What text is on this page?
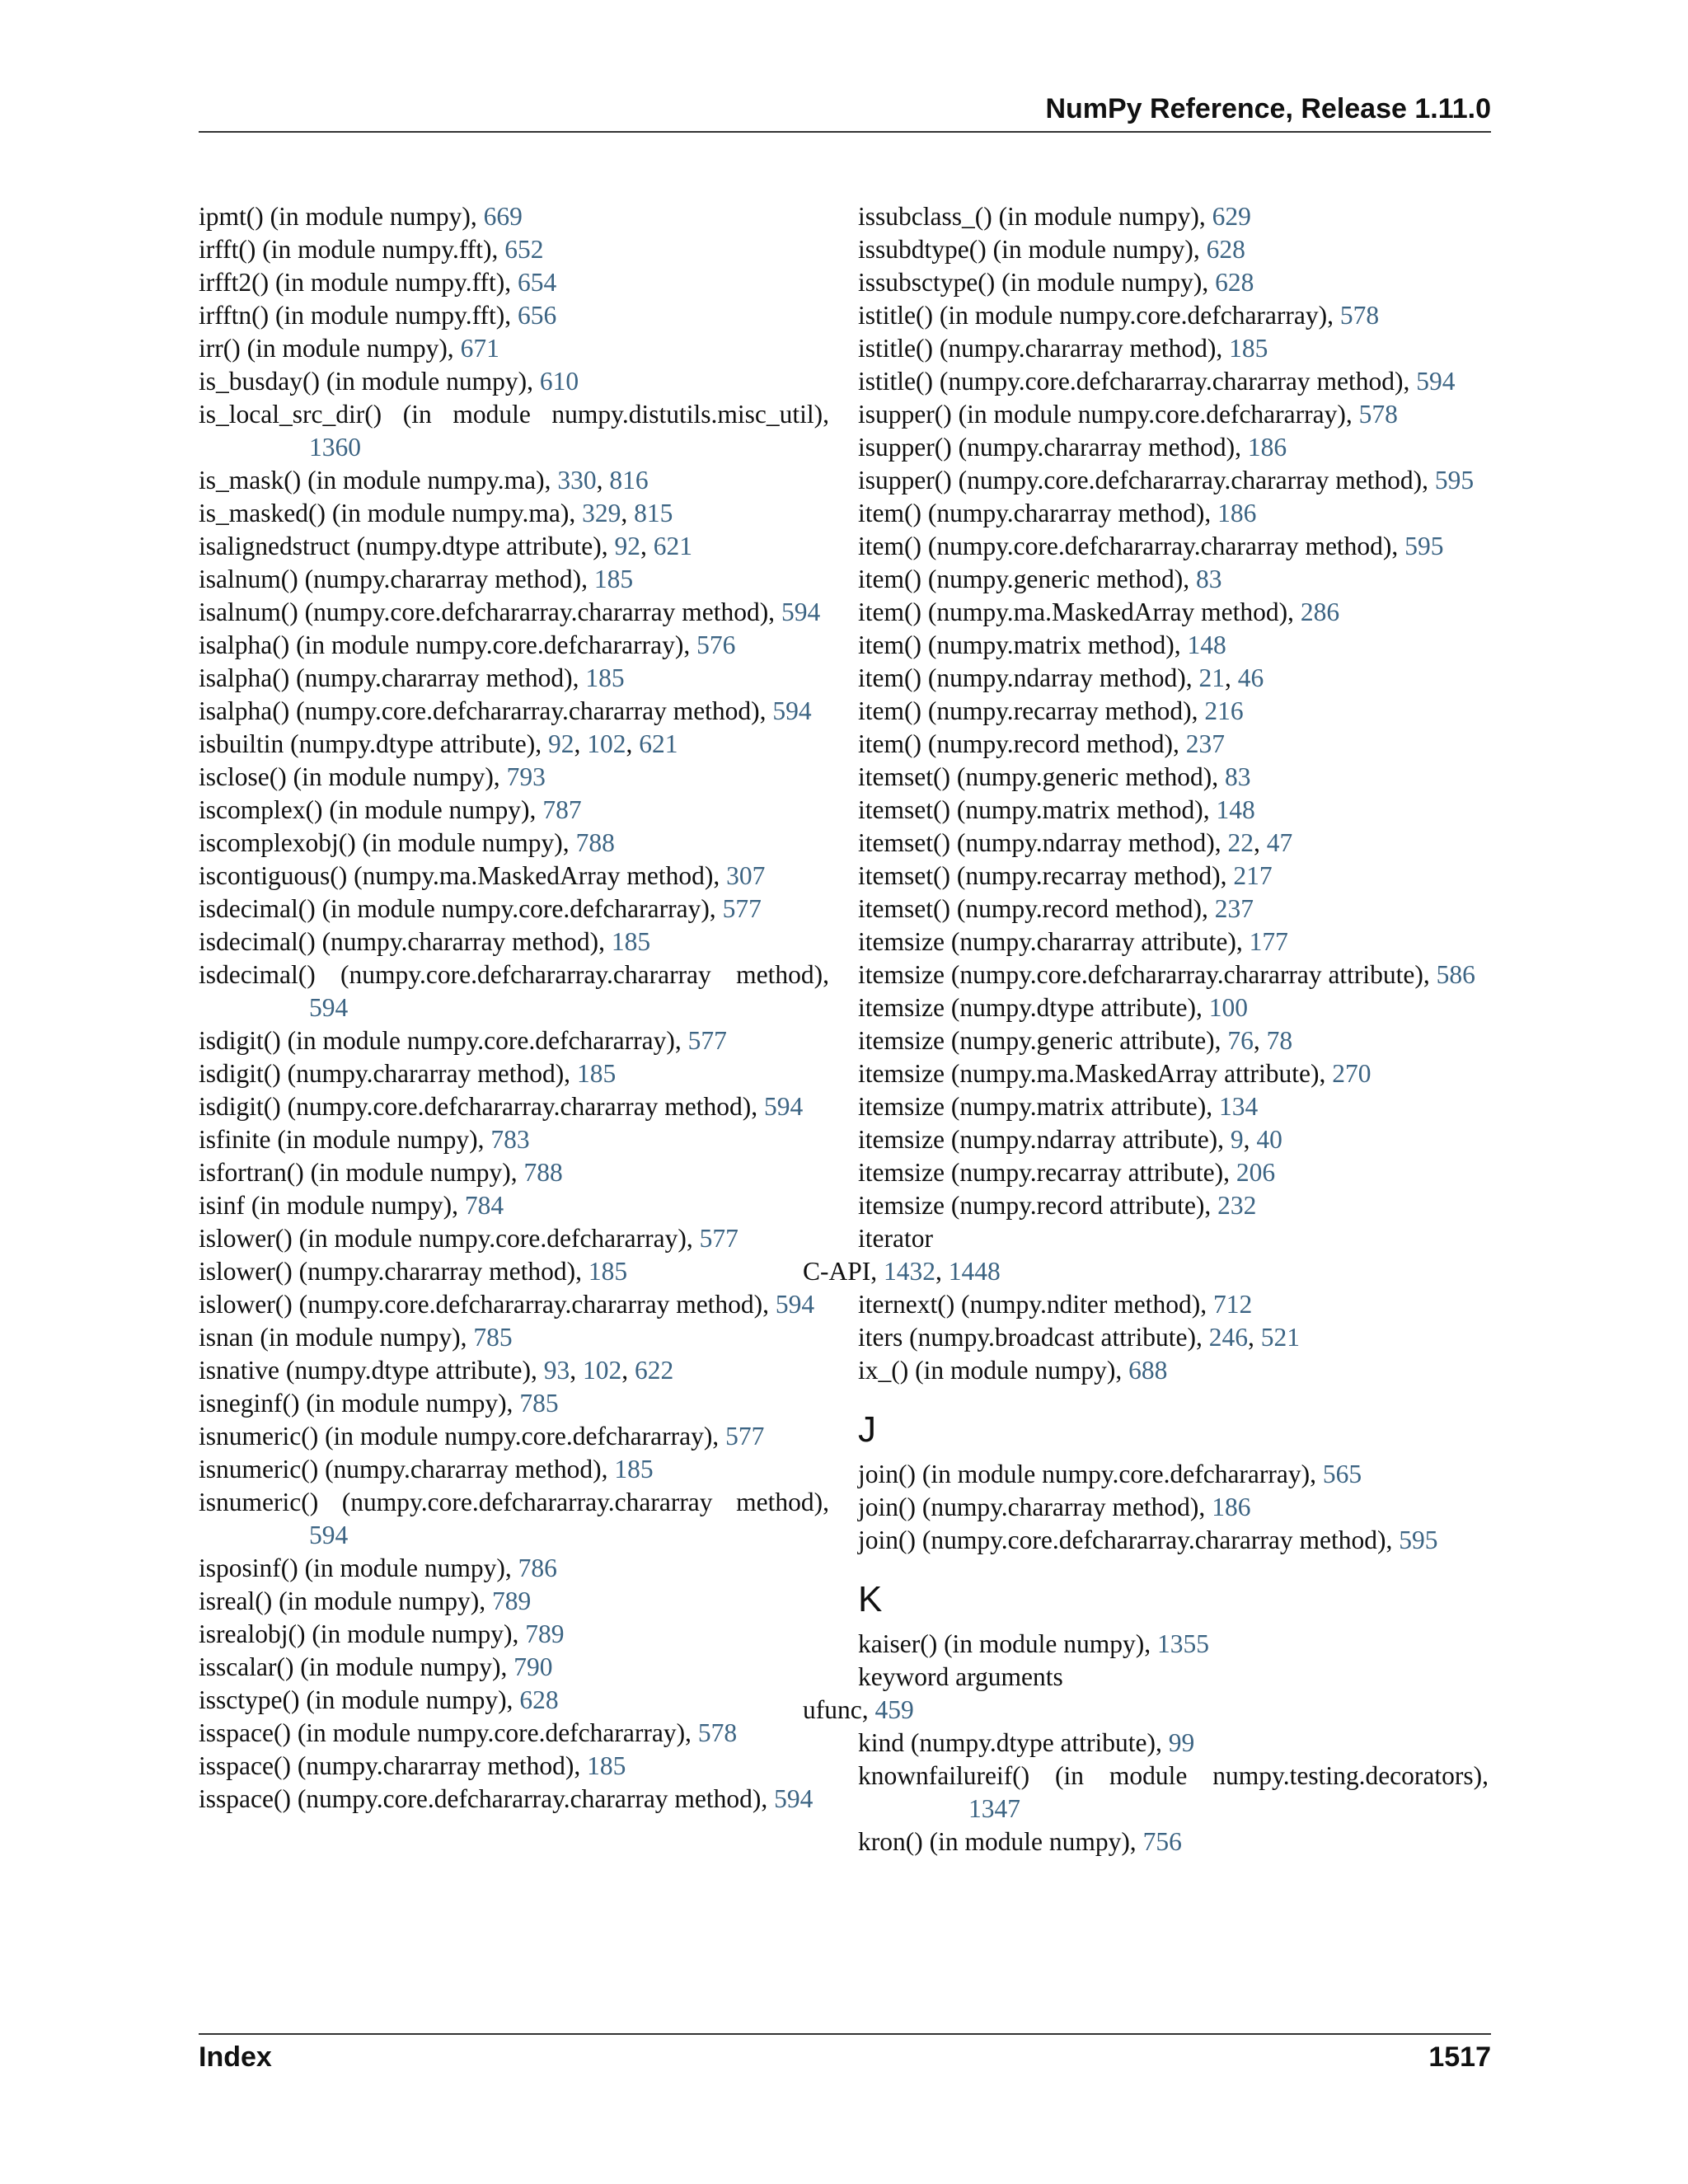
NumPy Reference, Release 1.11.0
ipmt() (in module numpy), 669
irfft() (in module numpy.fft), 652
irfft2() (in module numpy.fft), 654
irfftn() (in module numpy.fft), 656
irr() (in module numpy), 671
is_busday() (in module numpy), 610
is_local_src_dir() (in module numpy.distutils.misc_util), 1360
is_mask() (in module numpy.ma), 330, 816
is_masked() (in module numpy.ma), 329, 815
isalignedstruct (numpy.dtype attribute), 92, 621
isalnum() (numpy.chararray method), 185
isalnum() (numpy.core.defchararray.chararray method), 594
isalpha() (in module numpy.core.defchararray), 576
isalpha() (numpy.chararray method), 185
isalpha() (numpy.core.defchararray.chararray method), 594
isbuiltin (numpy.dtype attribute), 92, 102, 621
isclose() (in module numpy), 793
iscomplex() (in module numpy), 787
iscomplexobj() (in module numpy), 788
iscontiguous() (numpy.ma.MaskedArray method), 307
isdecimal() (in module numpy.core.defchararray), 577
isdecimal() (numpy.chararray method), 185
isdecimal() (numpy.core.defchararray.chararray method), 594
isdigit() (in module numpy.core.defchararray), 577
isdigit() (numpy.chararray method), 185
isdigit() (numpy.core.defchararray.chararray method), 594
isfinite (in module numpy), 783
isfortran() (in module numpy), 788
isinf (in module numpy), 784
islower() (in module numpy.core.defchararray), 577
islower() (numpy.chararray method), 185
islower() (numpy.core.defchararray.chararray method), 594
isnan (in module numpy), 785
isnative (numpy.dtype attribute), 93, 102, 622
isneginf() (in module numpy), 785
isnumeric() (in module numpy.core.defchararray), 577
isnumeric() (numpy.chararray method), 185
isnumeric() (numpy.core.defchararray.chararray method), 594
isposinf() (in module numpy), 786
isreal() (in module numpy), 789
isrealobj() (in module numpy), 789
isscalar() (in module numpy), 790
issctype() (in module numpy), 628
isspace() (in module numpy.core.defchararray), 578
isspace() (numpy.chararray method), 185
isspace() (numpy.core.defchararray.chararray method), 594
issubclass_() (in module numpy), 629
issubdtype() (in module numpy), 628
issubsctype() (in module numpy), 628
istitle() (in module numpy.core.defchararray), 578
istitle() (numpy.chararray method), 185
istitle() (numpy.core.defchararray.chararray method), 594
isupper() (in module numpy.core.defchararray), 578
isupper() (numpy.chararray method), 186
isupper() (numpy.core.defchararray.chararray method), 595
item() (numpy.chararray method), 186
item() (numpy.core.defchararray.chararray method), 595
item() (numpy.generic method), 83
item() (numpy.ma.MaskedArray method), 286
item() (numpy.matrix method), 148
item() (numpy.ndarray method), 21, 46
item() (numpy.recarray method), 216
item() (numpy.record method), 237
itemset() (numpy.generic method), 83
itemset() (numpy.matrix method), 148
itemset() (numpy.ndarray method), 22, 47
itemset() (numpy.recarray method), 217
itemset() (numpy.record method), 237
itemsize (numpy.chararray attribute), 177
itemsize (numpy.core.defchararray.chararray attribute), 586
itemsize (numpy.dtype attribute), 100
itemsize (numpy.generic attribute), 76, 78
itemsize (numpy.ma.MaskedArray attribute), 270
itemsize (numpy.matrix attribute), 134
itemsize (numpy.ndarray attribute), 9, 40
itemsize (numpy.recarray attribute), 206
itemsize (numpy.record attribute), 232
iterator
C-API, 1432, 1448
iternext() (numpy.nditer method), 712
iters (numpy.broadcast attribute), 246, 521
ix_() (in module numpy), 688
J
join() (in module numpy.core.defchararray), 565
join() (numpy.chararray method), 186
join() (numpy.core.defchararray.chararray method), 595
K
kaiser() (in module numpy), 1355
keyword arguments
ufunc, 459
kind (numpy.dtype attribute), 99
knownfailureif() (in module numpy.testing.decorators), 1347
kron() (in module numpy), 756
Index	1517
